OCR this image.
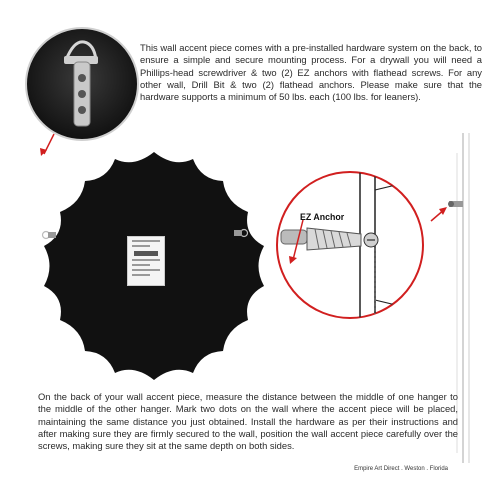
This wall accent piece comes with a pre-installed hardware system on the back, to ensure a simple and secure mounting process. For a drywall you will need a Phillips-head screwdriver & two (2) EZ anchors with flathead screws. For any other wall, Drill Bit & two (2) flathead anchors. Please make sure that the hardware supports a minimum of 50 lbs. each (100 lbs. for leaners).
EZ Anchor
On the back of your wall accent piece, measure the distance between the middle of one hanger to the middle of the other hanger. Mark two dots on the wall where the accent piece will be placed, maintaining the same distance you just obtained. Install the hardware as per their instructions and after making sure they are firmly secured to the wall, position the wall accent piece carefully over the screws, making sure they sit at the same depth on both sides.
Empire Art Direct . Weston . Florida
